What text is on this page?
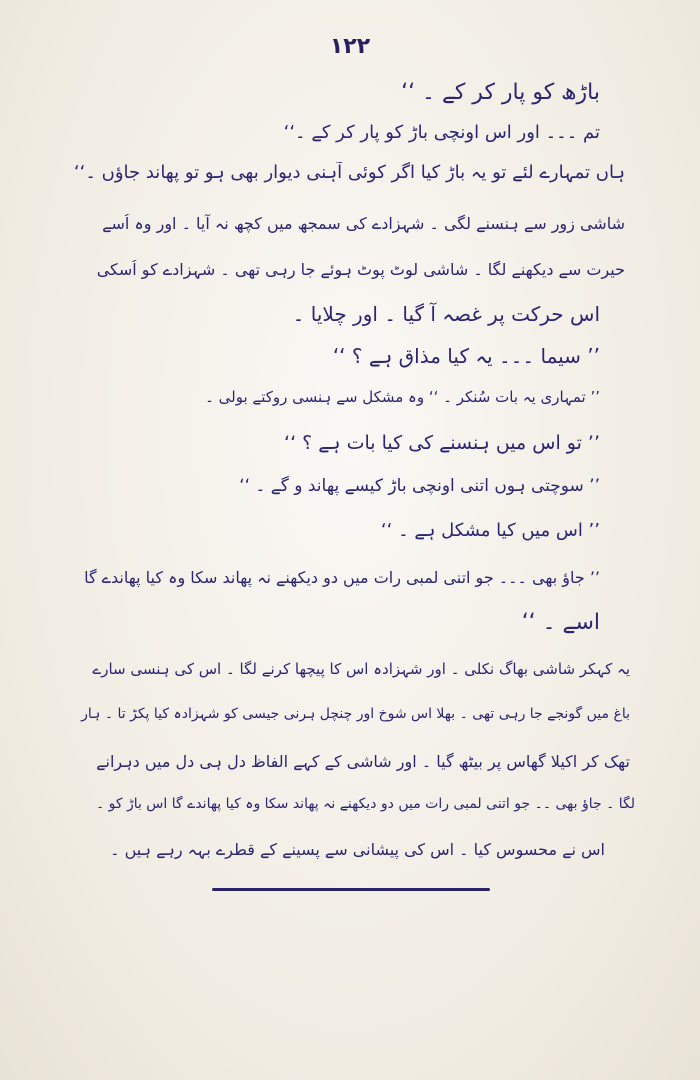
۱۲۲
باڑھ کو پار کر کے ۔ ‘‘
تم ۔۔۔ اور اس اونچی باڑ کو پار کر کے ۔‘‘
ہاں تمہارے لئے تو یہ باڑ کیا اگر کوئی آہنی دیوار بھی ہو تو پھاند جاؤں ۔‘‘
شاشی زور سے ہنسنے لگی ۔ شہزادے کی سمجھ میں کچھ نہ آیا ۔ اور وہ اُسے
حیرت سے دیکھنے لگا ۔ شاشی لوٹ پوٹ ہوئے جا رہی تھی ۔ شہزادے کو اُسکی
اس حرکت پر غصہ آ گیا ۔ اور چلایا ۔
’’ سیما ۔۔۔ یہ کیا مذاق ہے ؟ ‘‘
’’ تمہاری یہ بات سُنکر ۔ ‘‘ وہ مشکل سے ہنسی روکتے بولی ۔
’’ تو اس میں ہنسنے کی کیا بات ہے ؟ ‘‘
’’ سوچتی ہوں اتنی اونچی باڑ کیسے پھاند و گے ۔ ‘‘
’’ اس میں کیا مشکل ہے ۔ ‘‘
’’ جاؤ بھی ۔۔۔ جو اتنی لمبی رات میں دو دیکھنے نہ پھاند سکا وہ کیا پھاندے گا
اسے ۔ ‘‘
یہ کہکر شاشی بھاگ نکلی ۔ اور شہزادہ اس کا پیچھا کرنے لگا ۔ اس کی ہنسی سارے
باغ میں گونجے جا رہی تھی ۔ بھلا اس شوخ اور چنچل ہرنی جیسی کو شہزادہ کیا پکڑ تا ۔ ہار
تھک کر اکیلا گھاس پر بیٹھ گیا ۔ اور شاشی کے کہے الفاظ دل ہی دل میں دہرانے
لگا ۔ جاؤ بھی ۔۔ جو اتنی لمبی رات میں دو دیکھنے نہ پھاند سکا وہ کیا پھاندے گا اس باڑ کو ۔
اس نے محسوس کیا ۔ اس کی پیشانی سے پسینے کے قطرے بہہ رہے ہیں ۔
